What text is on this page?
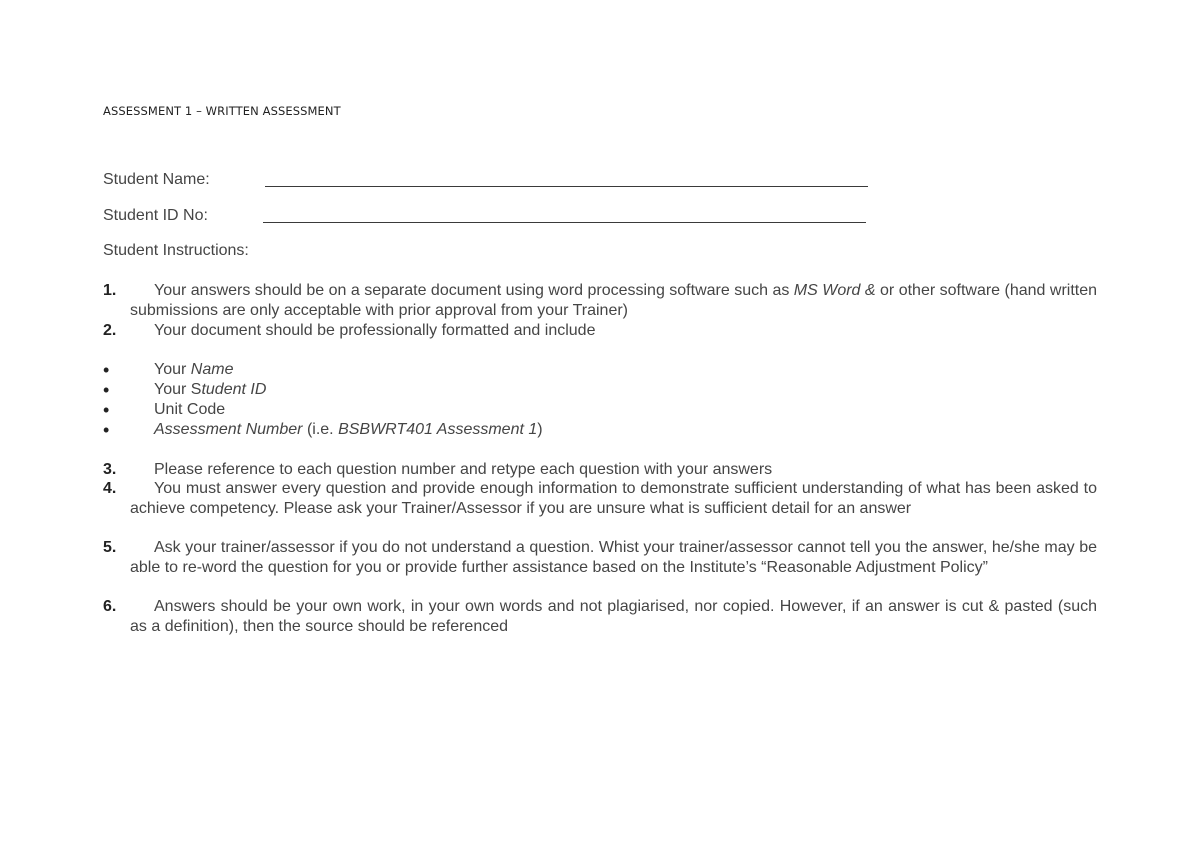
ASSESSMENT 1 – WRITTEN ASSESSMENT
Student Name:
Student ID No:
Student Instructions:
1.	Your answers should be on a separate document using word processing software such as MS Word & or other software (hand written submissions are only acceptable with prior approval from your Trainer)
2.	Your document should be professionally formatted and include
•	Your Name
•	Your Student ID
•	Unit Code
•	Assessment Number (i.e. BSBWRT401 Assessment 1)
3.	Please reference to each question number and retype each question with your answers
4.	You must answer every question and provide enough information to demonstrate sufficient understanding of what has been asked to achieve competency. Please ask your Trainer/Assessor if you are unsure what is sufficient detail for an answer
5.	Ask your trainer/assessor if you do not understand a question. Whist your trainer/assessor cannot tell you the answer, he/she may be able to re-word the question for you or provide further assistance based on the Institute’s “Reasonable Adjustment Policy”
6.	Answers should be your own work, in your own words and not plagiarised, nor copied. However, if an answer is cut & pasted (such as a definition), then the source should be referenced
